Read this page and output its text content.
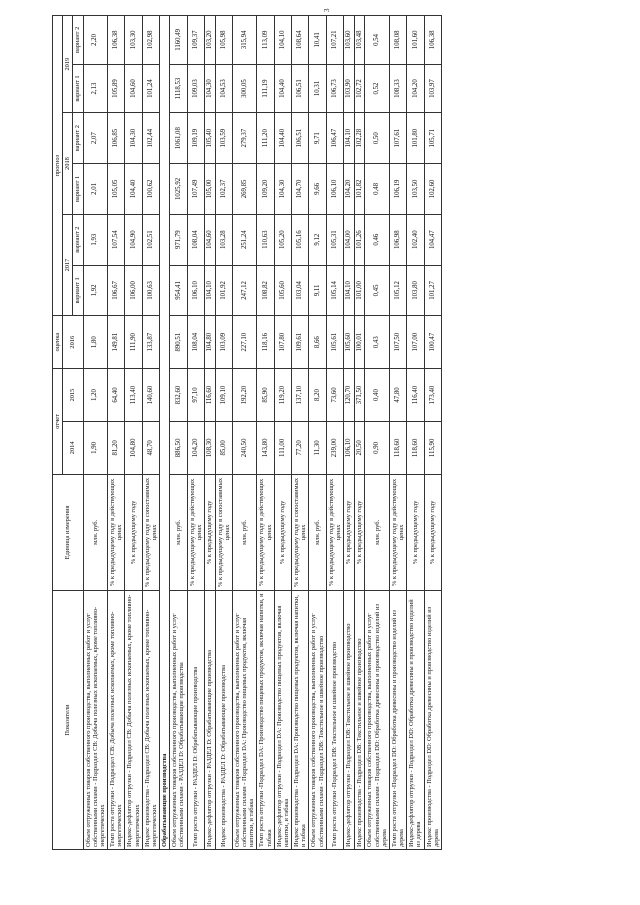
Показатели	Единица измерения	отчет		оценка	прогноз					
		2014	2015	2016	2017		2018		2019	
					вариант 1	вариант 2	вариант 1	вариант 2	вариант 1	вариант 2
Объем отгруженных товаров собственного производства, выполненных работ и услуг собственными силами - Подраздел СВ: Добыча полезных ископаемых, кроме топливно-энергетических	млн. руб.	1,90	1,20	1,80	1,92	1,93	2,01	2,07	2,13	2,20
Темп роста отгрузки - Подраздел СВ: Добыча полезных ископаемых, кроме топливно-энергетических	% к предыдущему году в действующих ценах	81,20	64,40	149,81	106,67	107,54	105,05	106,85	105,89	106,38
Индекс-дефлятор отгрузки - Подраздел СВ: Добыча полезных ископаемых, кроме топливно-энергетических	% к предыдущему году	104,80	113,40	111,90	106,00	104,90	104,40	104,30	104,60	103,30
Индекс производства - Подраздел СВ: Добыча полезных ископаемых, кроме топливно-энергетических	% к предыдущему году в сопоставимых ценах	48,70	140,60	133,87	100,63	102,51	100,62	102,44	101,24	102,98
Обрабатывающие производства										
Объем отгруженных товаров собственного производства, выполненных работ и услуг собственными силами - РАЗДЕЛ D: Обрабатывающие производства	млн. руб.	886,50	832,60	890,51	954,41	971,79	1025,92	1061,08	1118,53	1160,49
Темп роста отгрузки - РАЗДЕЛ D: Обрабатывающие производства	% к предыдущему году в действующих ценах	104,20	97,10	108,04	106,10	108,04	107,49	109,19	109,03	109,37
Индекс-дефлятор отгрузки - РАЗДЕЛ D: Обрабатывающие производства	% к предыдущему году	108,30	116,60	104,80	104,10	104,60	105,00	105,40	104,30	103,20
Индекс производства - РАЗДЕЛ D: Обрабатывающие производства	% к предыдущему году в сопоставимых ценах	85,00	109,10	103,09	101,92	103,28	102,37	103,59	104,53	105,98
Объем отгруженных товаров собственного производства, выполненных работ и услуг собственными силами - Подраздел DA: Производство пищевых продуктов, включая напитки, и табака	млн. руб.	240,50	192,20	227,10	247,12	251,24	269,85	279,37	300,05	315,94
Темп роста отгрузки -Подраздел DA: Производство пищевых продуктов, включая напитки, и табака	% к предыдущему году в действующих ценах	143,80	85,90	118,16	108,82	110,63	109,20	111,20	111,19	113,09
Индекс-дефлятор отгрузки - Подраздел DA: Производство пищевых продуктов, включая напитки, и табака	% к предыдущему году	111,00	119,20	107,80	105,60	105,20	104,30	104,40	104,40	104,10
Индекс производства - Подраздел DA: Производство пищевых продуктов, включая напитки, и табака	% к предыдущему году в сопоставимых ценах	77,20	137,10	109,61	103,04	105,16	104,70	106,51	106,51	108,64
Объем отгруженных товаров собственного производства, выполненных работ и услуг собственными силами - Подраздел DB: Текстильное и швейное производство	млн. руб.	11,30	8,20	8,66	9,11	9,12	9,66	9,71	10,31	10,41
Темп роста отгрузки -Подраздел DB: Текстильное и швейное производство	% к предыдущему году в действующих ценах	239,00	73,60	105,61	105,14	105,31	106,10	106,47	106,73	107,21
Индекс-дефлятор отгрузки - Подраздел DB: Текстильное и швейное производство	% к предыдущему году	106,10	120,70	105,60	104,10	104,00	104,20	104,10	103,90	103,60
Индекс производства - Подраздел DB: Текстильное и швейное производство	% к предыдущему году	20,50	371,50	100,01	101,00	101,26	101,82	102,28	102,72	103,48
Объем отгруженных товаров собственного производства, выполненных работ и услуг собственными силами - Подраздел DD: Обработка древесины и производство изделий из дерева	млн. руб.	0,90	0,40	0,43	0,45	0,46	0,48	0,50	0,52	0,54
Темп роста отгрузки -Подраздел DD: Обработка древесины и производство изделий из дерева	% к предыдущему году в действующих ценах	118,60	47,80	107,50	105,12	106,98	106,19	107,61	108,33	108,08
Индекс-дефлятор отгрузки - Подраздел DD: Обработка древесины и производство изделий из дерева	% к предыдущему году	118,60	116,40	107,00	103,80	102,40	103,50	101,80	104,20	101,60
Индекс производства - Подраздел DD: Обработка древесины и производство изделий из дерева	% к предыдущему году	115,90	173,40	100,47	101,27	104,47	102,60	105,71	103,97	106,38
3
